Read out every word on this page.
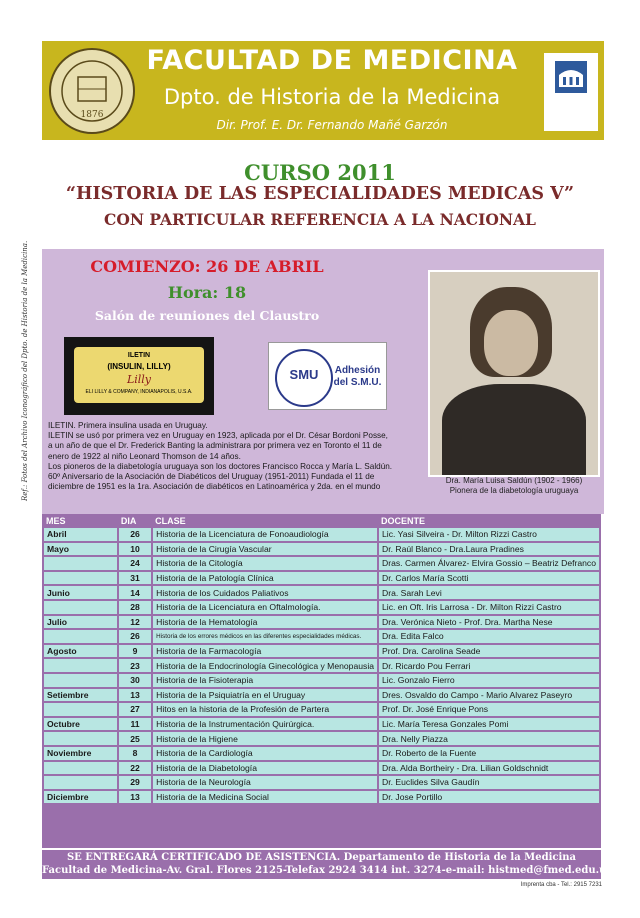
1876
FACULTAD DE MEDICINA
Dpto. de Historia de la Medicina
Dir. Prof. E. Dr. Fernando Mañé Garzón
CURSO 2011
“HISTORIA DE LAS ESPECIALIDADES MEDICAS V”
CON PARTICULAR REFERENCIA A LA NACIONAL
Ref.: Fotos del Archivo Iconográfico del Dpto. de Historia de la Medicina.	COMIENZO: 26 DE ABRIL
Hora: 18
Salón de reuniones del Claustro
ILETIN
(INSULIN, LILLY)
Lilly
ELI LILLY & COMPANY, INDIANAPOLIS, U.S.A.
SMU	Adhesión del S.M.U.
Dra. María Luisa Saldún (1902 - 1966)
Pionera de la diabetología uruguaya
ILETIN. Primera insulina usada en Uruguay.
ILETIN se usó por primera vez en Uruguay en 1923, aplicada por el Dr. César Bordoni Posse,
a un año de que el Dr. Frederick Banting la administrara por primera vez en Toronto el 11 de
enero de 1922 al niño Leonard Thomson de 14 años.
Los pioneros de la diabetología uruguaya son los doctores Francisco Rocca y María L. Saldún.
60º Aniversario de la Asociación de Diabéticos del Uruguay (1951-2011) Fundada el 11 de
diciembre de 1951 es la 1ra. Asociación de diabéticos en Latinoamérica y 2da. en el mundo
MES	DIA	CLASE	DOCENTE
Abril	26	Historia de la Licenciatura de Fonoaudiología	Lic. Yasi Silveira - Dr. Milton Rizzi Castro
Mayo	10	Historia de la Cirugía Vascular	Dr. Raúl Blanco - Dra.Laura Pradines
	24	Historia de la Citología	Dras. Carmen Álvarez- Elvira Gossio – Beatriz Defranco
	31	Historia de la Patología Clínica	Dr. Carlos María Scotti
Junio	14	Historia de los Cuidados Paliativos	Dra. Sarah Levi
	28	Historia de la Licenciatura en Oftalmología.	Lic. en Oft. Iris Larrosa - Dr. Milton Rizzi Castro
Julio	12	Historia de la Hematología	Dra. Verónica Nieto - Prof. Dra. Martha Nese
	26	Historia de los errores médicos en las diferentes especialidades médicas.	Dra. Edita Falco
Agosto	9	Historia de la Farmacología	Prof. Dra. Carolina Seade
	23	Historia de la Endocrinología Ginecológica y Menopausia	Dr. Ricardo Pou Ferrari
	30	Historia de la Fisioterapia	Lic. Gonzalo Fierro
Setiembre	13	Historia de la Psiquiatría en el Uruguay	Dres. Osvaldo do Campo - Mario Alvarez Paseyro
	27	Hitos en la historia de la Profesión de Partera	Prof. Dr. José Enrique Pons
Octubre	11	Historia de la Instrumentación Quirúrgica.	Lic. María Teresa Gonzales Pomi
	25	Historia de la Higiene	Dra. Nelly Piazza
Noviembre	8	Historia de la Cardiología	Dr. Roberto de la Fuente
	22	Historia de la Diabetología	Dra. Alda Bortheiry - Dra. Lilian Goldschnidt
	29	Historia de la Neurología	Dr. Euclides Silva Gaudín
Diciembre	13	Historia de la Medicina Social	Dr. Jose Portillo
SE ENTREGARÁ CERTIFICADO DE ASISTENCIA. Departamento de Historia de la Medicina
Facultad de Medicina-Av. Gral. Flores 2125-Telefax 2924 3414 int. 3274-e-mail: histmed@fmed.edu.uy
Imprenta cba - Tel.: 2915 7231
